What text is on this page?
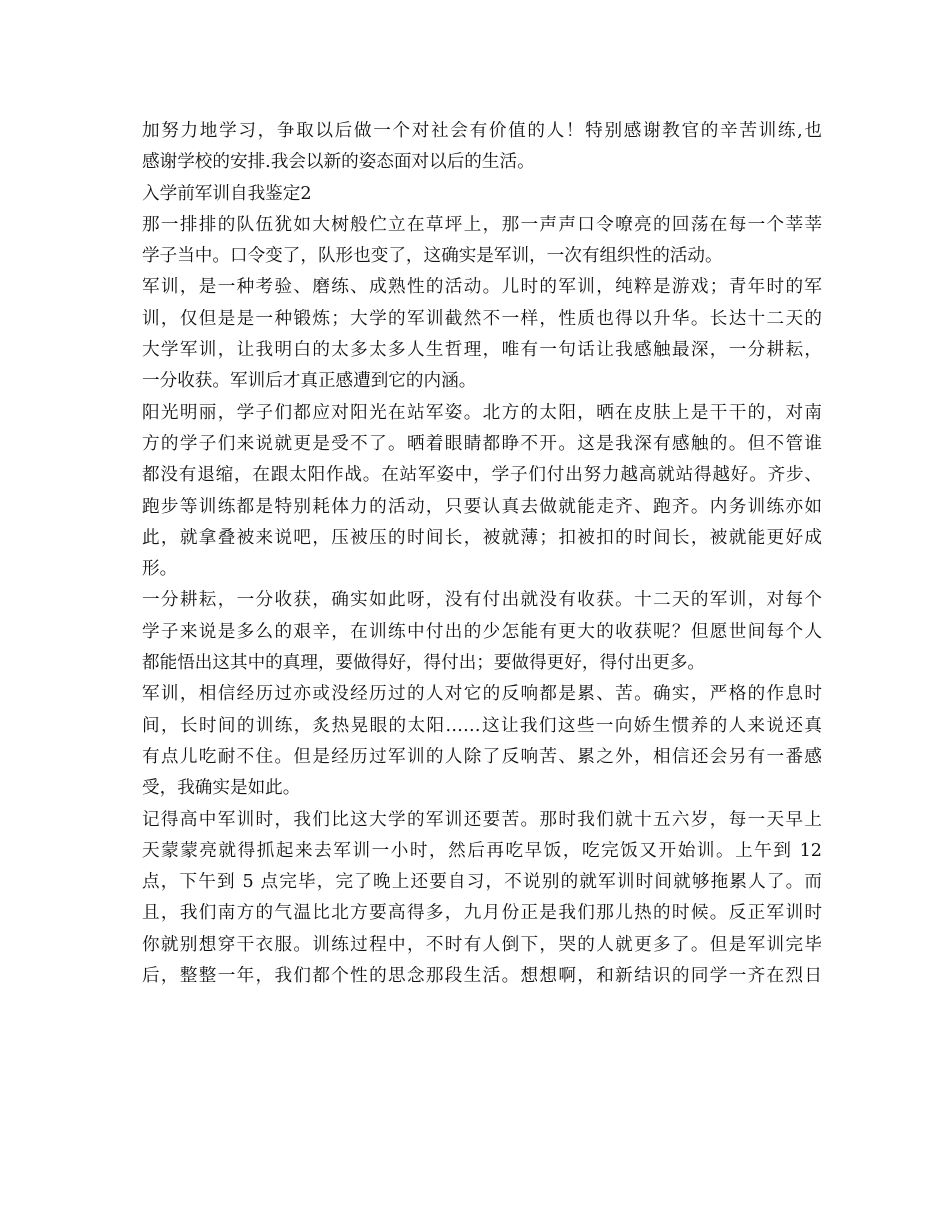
加努力地学习，争取以后做一个对社会有价值的人！特别感谢教官的辛苦训练,也
感谢学校的安排.我会以新的姿态面对以后的生活。
入学前军训自我鉴定2
那一排排的队伍犹如大树般伫立在草坪上，那一声声口令嘹亮的回荡在每一个莘莘
学子当中。口令变了，队形也变了，这确实是军训，一次有组织性的活动。
军训，是一种考验、磨练、成熟性的活动。儿时的军训，纯粹是游戏；青年时的军
训，仅但是是一种锻炼；大学的军训截然不一样，性质也得以升华。长达十二天的
大学军训，让我明白的太多太多人生哲理，唯有一句话让我感触最深，一分耕耘，
一分收获。军训后才真正感遭到它的内涵。
阳光明丽，学子们都应对阳光在站军姿。北方的太阳，晒在皮肤上是干干的，对南
方的学子们来说就更是受不了。晒着眼睛都睁不开。这是我深有感触的。但不管谁
都没有退缩，在跟太阳作战。在站军姿中，学子们付出努力越高就站得越好。齐步、
跑步等训练都是特别耗体力的活动，只要认真去做就能走齐、跑齐。内务训练亦如
此，就拿叠被来说吧，压被压的时间长，被就薄；扣被扣的时间长，被就能更好成
形。
一分耕耘，一分收获，确实如此呀，没有付出就没有收获。十二天的军训，对每个
学子来说是多么的艰辛，在训练中付出的少怎能有更大的收获呢？但愿世间每个人
都能悟出这其中的真理，要做得好，得付出；要做得更好，得付出更多。
军训，相信经历过亦或没经历过的人对它的反响都是累、苦。确实，严格的作息时
间，长时间的训练，炙热晃眼的太阳……这让我们这些一向娇生惯养的人来说还真
有点儿吃耐不住。但是经历过军训的人除了反响苦、累之外，相信还会另有一番感
受，我确实是如此。
记得高中军训时，我们比这大学的军训还要苦。那时我们就十五六岁，每一天早上
天蒙蒙亮就得抓起来去军训一小时，然后再吃早饭，吃完饭又开始训。上午到 12
点，下午到 5 点完毕，完了晚上还要自习，不说别的就军训时间就够拖累人了。而
且，我们南方的气温比北方要高得多，九月份正是我们那儿热的时候。反正军训时
你就别想穿干衣服。训练过程中，不时有人倒下，哭的人就更多了。但是军训完毕
后，整整一年，我们都个性的思念那段生活。想想啊，和新结识的同学一齐在烈日
